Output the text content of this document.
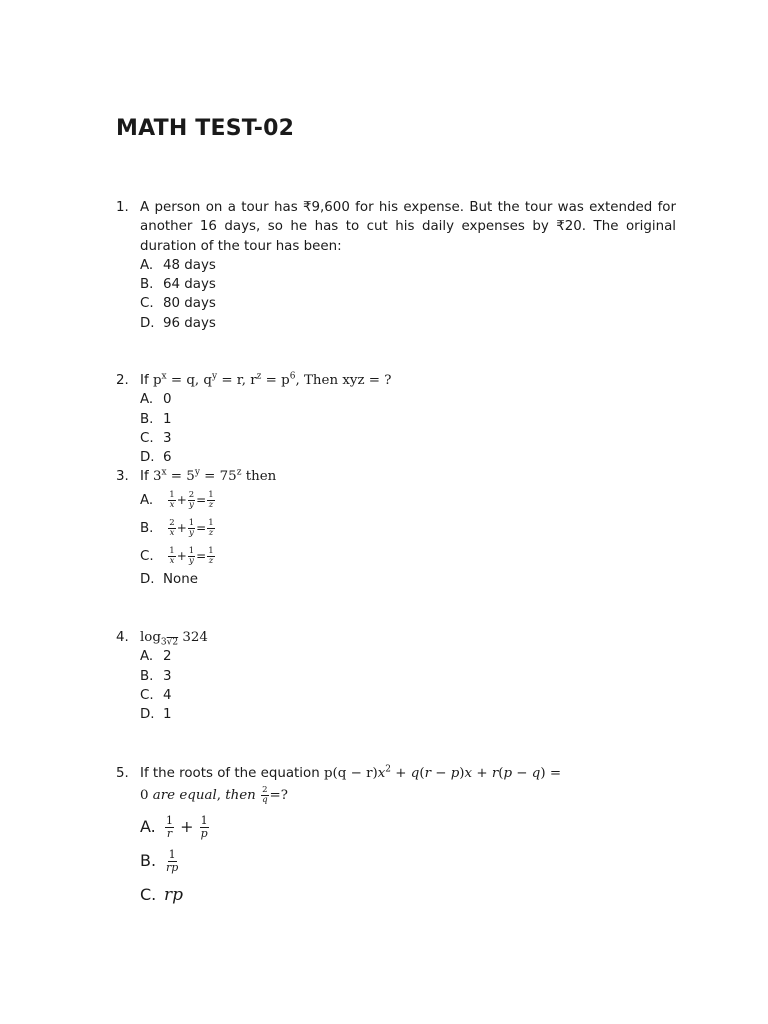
MATH TEST-02
1. A person on a tour has ₹9,600 for his expense. But the tour was extended for another 16 days, so he has to cut his daily expenses by ₹20. The original duration of the tour has been:
A. 48 days
B. 64 days
C. 80 days
D. 96 days
2. If $p^x = q$, $q^y = r$, $r^z = p^6$, Then xyz = ?
A. 0
B. 1
C. 3
D. 6
3. If $3^x = 5^y = 75^z$ then
A. $\frac{1}{x} + \frac{2}{y} = \frac{1}{z}$
B. $\frac{2}{x} + \frac{1}{y} = \frac{1}{z}$
C. $\frac{1}{x} + \frac{1}{y} = \frac{1}{z}$
D. None
4. $\log_{3√2} 324$
A. 2
B. 3
C. 4
D. 1
5. If the roots of the equation $p(q - r)x^2 + q(r - p)x + r(p - q)$ =
0 are equal, then $\frac{2}{q}$ =?
A. $\frac{1}{r} + \frac{1}{p}$
B. $\frac{1}{rp}$
C. rp
